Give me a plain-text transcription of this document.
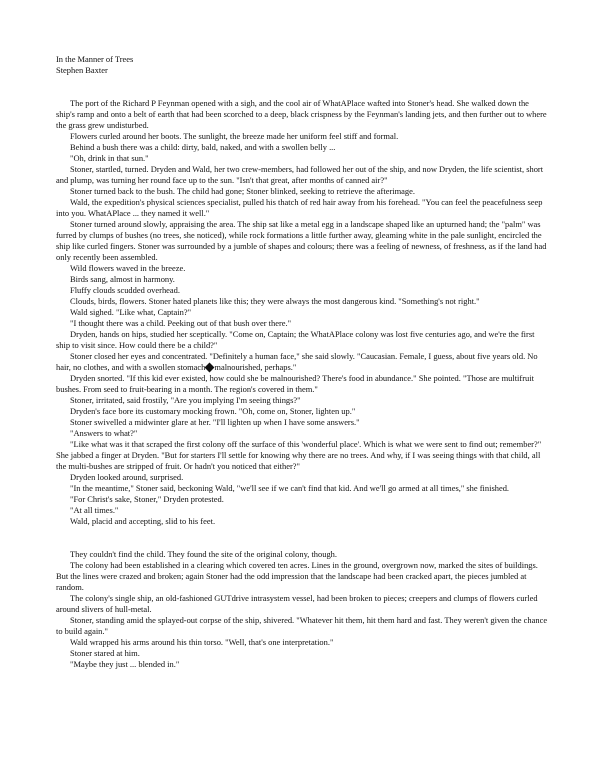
In the Manner of Trees

Stephen Baxter

The port of the Richard P Feynman opened with a sigh, and the cool air of WhatAPlace wafted into Stoner's head. She walked down the ship's ramp and onto a belt of earth that had been scorched to a deep, black crispness by the Feynman's landing jets, and then further out to where the grass grew undisturbed.

Flowers curled around her boots. The sunlight, the breeze made her uniform feel stiff and formal.

Behind a bush there was a child: dirty, bald, naked, and with a swollen belly ...

"Oh, drink in that sun."

Stoner, startled, turned. Dryden and Wald, her two crew-members, had followed her out of the ship, and now Dryden, the life scientist, short and plump, was turning her round face up to the sun. "Isn't that great, after months of canned air?"

Stoner turned back to the bush. The child had gone; Stoner blinked, seeking to retrieve the afterimage.

Wald, the expedition's physical sciences specialist, pulled his thatch of red hair away from his forehead. "You can feel the peacefulness seep into you. WhatAPlace ... they named it well."

Stoner turned around slowly, appraising the area. The ship sat like a metal egg in a landscape shaped like an upturned hand; the "palm" was furred by clumps of bushes (no trees, she noticed), while rock formations a little further away, gleaming white in the pale sunlight, encircled the ship like curled fingers. Stoner was surrounded by a jumble of shapes and colours; there was a feeling of newness, of freshness, as if the land had only recently been assembled.

Wild flowers waved in the breeze.

Birds sang, almost in harmony.

Fluffy clouds scudded overhead.

Clouds, birds, flowers. Stoner hated planets like this; they were always the most dangerous kind. "Something's not right."

Wald sighed. "Like what, Captain?"

"I thought there was a child. Peeking out of that bush over there."

Dryden, hands on hips, studied her sceptically. "Come on, Captain; the WhatAPlace colony was lost five centuries ago, and we're the first ship to visit since. How could there be a child?"

Stoner closed her eyes and concentrated. "Definitely a human face," she said slowly. "Caucasian. Female, I guess, about five years old. No hair, no clothes, and with a swollen stomach malnourished, perhaps."

Dryden snorted. "If this kid ever existed, how could she be malnourished? There's food in abundance." She pointed. "Those are multifruit bushes. From seed to fruit-bearing in a month. The region's covered in them."

Stoner, irritated, said frostily, "Are you implying I'm seeing things?"

Dryden's face bore its customary mocking frown. "Oh, come on, Stoner, lighten up."

Stoner swivelled a midwinter glare at her. "I'll lighten up when I have some answers."

"Answers to what?"

"Like what was it that scraped the first colony off the surface of this 'wonderful place'. Which is what we were sent to find out; remember?" She jabbed a finger at Dryden. "But for starters I'll settle for knowing why there are no trees. And why, if I was seeing things with that child, all the multi-bushes are stripped of fruit. Or hadn't you noticed that either?"

Dryden looked around, surprised.

"In the meantime," Stoner said, beckoning Wald, "we'll see if we can't find that kid. And we'll go armed at all times," she finished.

"For Christ's sake, Stoner," Dryden protested.

"At all times."

Wald, placid and accepting, slid to his feet.

They couldn't find the child. They found the site of the original colony, though.

The colony had been established in a clearing which covered ten acres. Lines in the ground, overgrown now, marked the sites of buildings. But the lines were crazed and broken; again Stoner had the odd impression that the landscape had been cracked apart, the pieces jumbled at random.

The colony's single ship, an old-fashioned GUTdrive intrasystem vessel, had been broken to pieces; creepers and clumps of flowers curled around slivers of hull-metal.

Stoner, standing amid the splayed-out corpse of the ship, shivered. "Whatever hit them, hit them hard and fast. They weren't given the chance to build again."

Wald wrapped his arms around his thin torso. "Well, that's one interpretation."

Stoner stared at him.

"Maybe they just ... blended in."
